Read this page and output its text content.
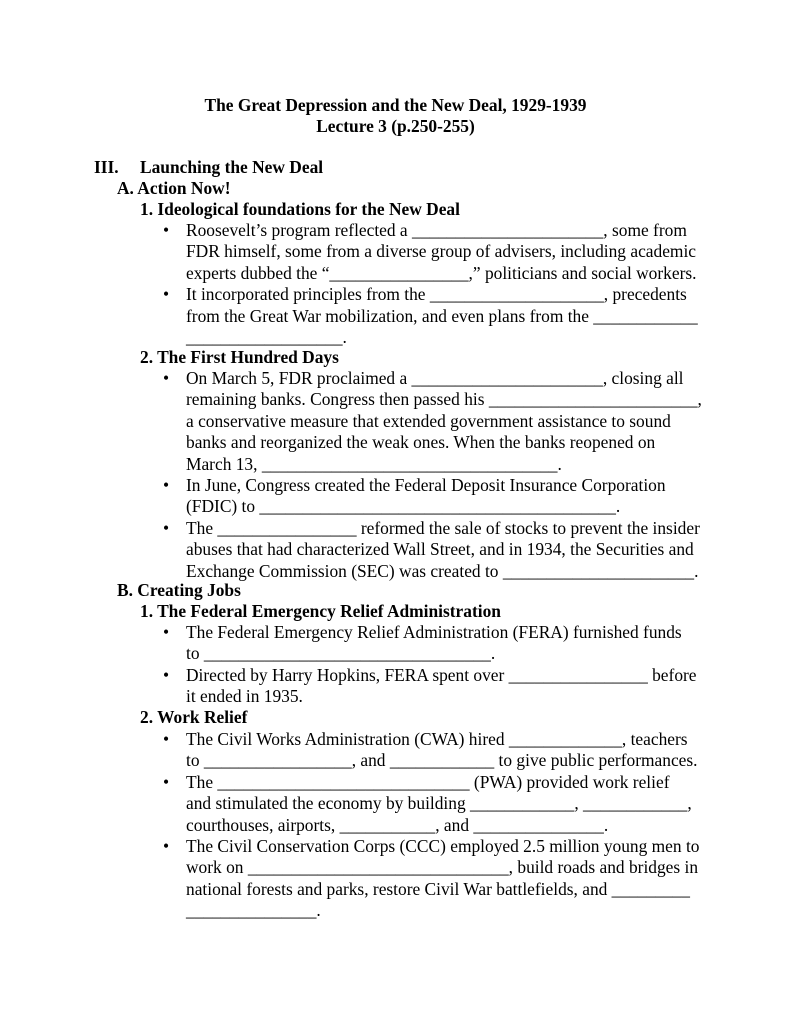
The Great Depression and the New Deal, 1929-1939
Lecture 3 (p.250-255)
III. Launching the New Deal
A. Action Now!
1. Ideological foundations for the New Deal
• Roosevelt’s program reflected a ______________________, some from
FDR himself, some from a diverse group of advisers, including academic
experts dubbed the “________________,” politicians and social workers.
• It incorporated principles from the ____________________, precedents
from the Great War mobilization, and even plans from the ____________
__________________.
2. The First Hundred Days
• On March 5, FDR proclaimed a ______________________, closing all
remaining banks. Congress then passed his ________________________,
a conservative measure that extended government assistance to sound
banks and reorganized the weak ones. When the banks reopened on
March 13, __________________________________.
• In June, Congress created the Federal Deposit Insurance Corporation
(FDIC) to _________________________________________.
• The ________________ reformed the sale of stocks to prevent the insider
abuses that had characterized Wall Street, and in 1934, the Securities and
Exchange Commission (SEC) was created to ______________________.
B. Creating Jobs
1. The Federal Emergency Relief Administration
• The Federal Emergency Relief Administration (FERA) furnished funds
to _________________________________.
• Directed by Harry Hopkins, FERA spent over ________________ before
it ended in 1935.
2. Work Relief
• The Civil Works Administration (CWA) hired _____________, teachers
to _________________, and ____________ to give public performances.
• The _____________________________ (PWA) provided work relief
and stimulated the economy by building ____________, ____________,
courthouses, airports, ___________, and _______________.
• The Civil Conservation Corps (CCC) employed 2.5 million young men to
work on ______________________________, build roads and bridges in
national forests and parks, restore Civil War battlefields, and _________
_______________.
